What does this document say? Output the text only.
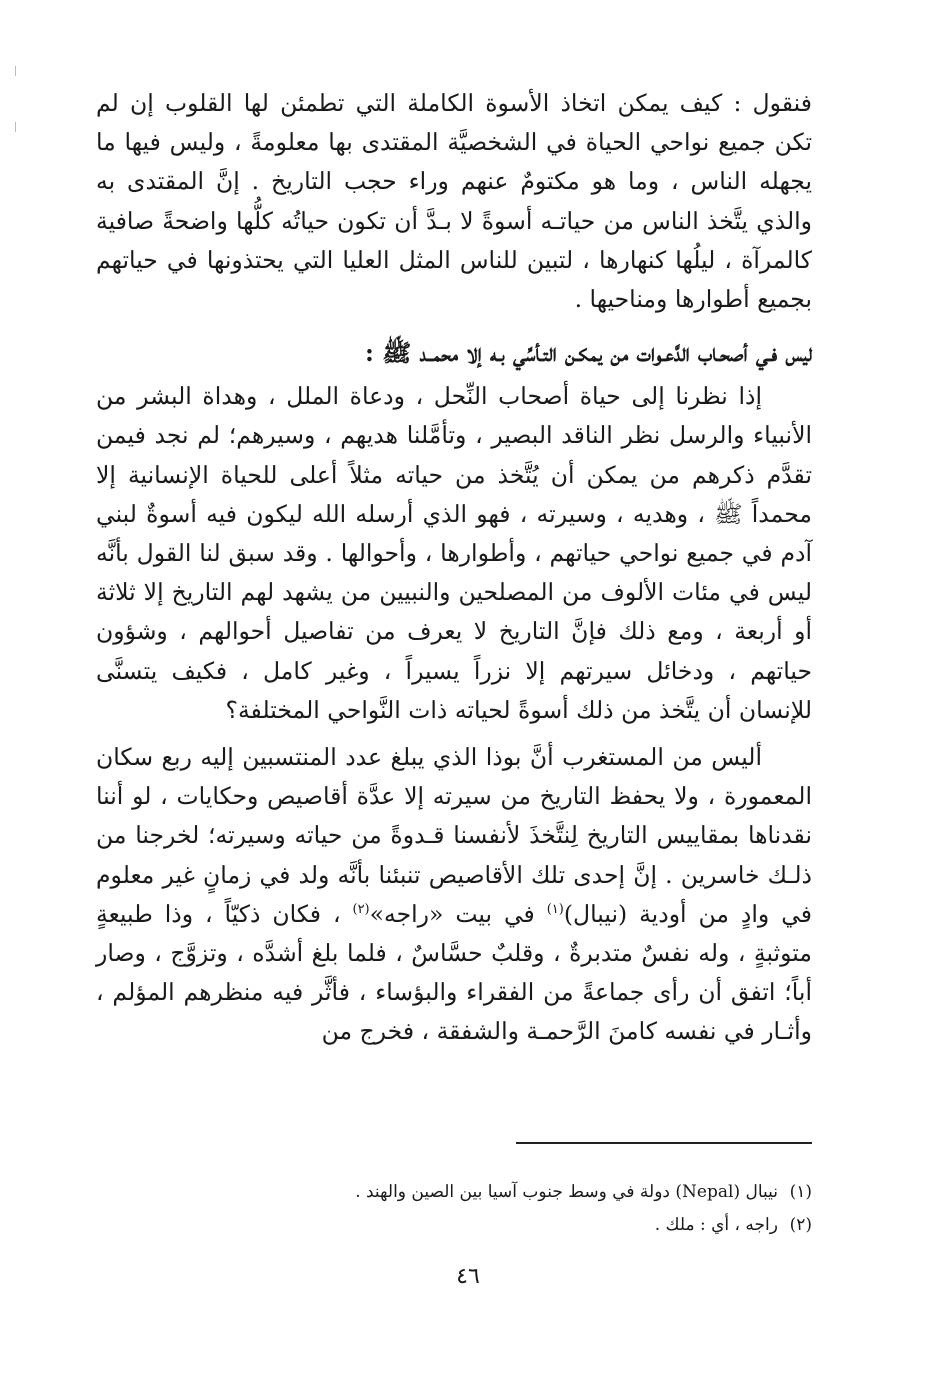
فنقول : كيف يمكن اتخاذ الأسوة الكاملة التي تطمئن لها القلوب إن لم تكن جميع نواحي الحياة في الشخصيَّة المقتدى بها معلومةً ، وليس فيها ما يجهله الناس ، وما هو مكتومٌ عنهم وراء حجب التاريخ . إنَّ المقتدى به والذي يتَّخذ الناس من حياتـه أسوةً لا بـدَّ أن تكون حياتُه كلُّها واضحةً صافية كالمرآة ، ليلُها كنهارها ، لتبين للناس المثل العليا التي يحتذونها في حياتهم بجميع أطوارها ومناحيها .

ليس فـي أصحـاب الدَّعـوات من يمكـن التـأسِّي بـه إلا محمــد ﷺ :

إذا نظرنا إلى حياة أصحاب النِّحل ، ودعاة الملل ، وهداة البشر من الأنبياء والرسل نظر الناقد البصير ، وتأمَّلنا هديهم ، وسيرهم؛ لم نجد فيمن تقدَّم ذكرهم من يمكن أن يُتَّخذ من حياته مثلاً أعلى للحياة الإنسانية إلا محمداً ﷺ ، وهديه ، وسيرته ، فهو الذي أرسله الله ليكون فيه أسوةٌ لبني آدم في جميع نواحي حياتهم ، وأطوارها ، وأحوالها . وقد سبق لنا القول بأنَّه ليس في مئات الألوف من المصلحين والنبيين من يشهد لهم التاريخ إلا ثلاثة أو أربعة ، ومع ذلك فإنَّ التاريخ لا يعرف من تفاصيل أحوالهم ، وشؤون حياتهم ، ودخائل سيرتهم إلا نزراً يسيراً ، وغير كامل ، فكيف يتسنَّى للإنسان أن يتَّخذ من ذلك أسوةً لحياته ذات النَّواحي المختلفة؟

أليس من المستغرب أنَّ بوذا الذي يبلغ عدد المنتسبين إليه ربع سكان المعمورة ، ولا يحفظ التاريخ من سيرته إلا عدَّة أقاصيص وحكايات ، لو أننا نقدناها بمقاييس التاريخ لِنتَّخذَ لأنفسنا قـدوةً من حياته وسيرته؛ لخرجنا من ذلـك خاسرين . إنَّ إحدى تلك الأقاصيص تنبئنا بأنَّه ولد في زمانٍ غير معلوم في وادٍ من أودية (نيبال)$^{(١)}$ في بيت «راجه»$^{(٢)}$ ، فكان ذكيّاً ، وذا طبيعةٍ متوثبةٍ ، وله نفسٌ متدبرةٌ ، وقلبٌ حسَّاسٌ ، فلما بلغ أشدَّه ، وتزوَّج ، وصار أباً؛ اتفق أن رأى جماعةً من الفقراء والبؤساء ، فأثَّر فيه منظرهم المؤلم ، وأثـار في نفسه كامنَ الرَّحمـة والشفقة ، فخرج من

(١)نيبال (Nepal) دولة في وسط جنوب آسيا بين الصين والهند .

(٢)راجه ، أي : ملك .

٤٦
